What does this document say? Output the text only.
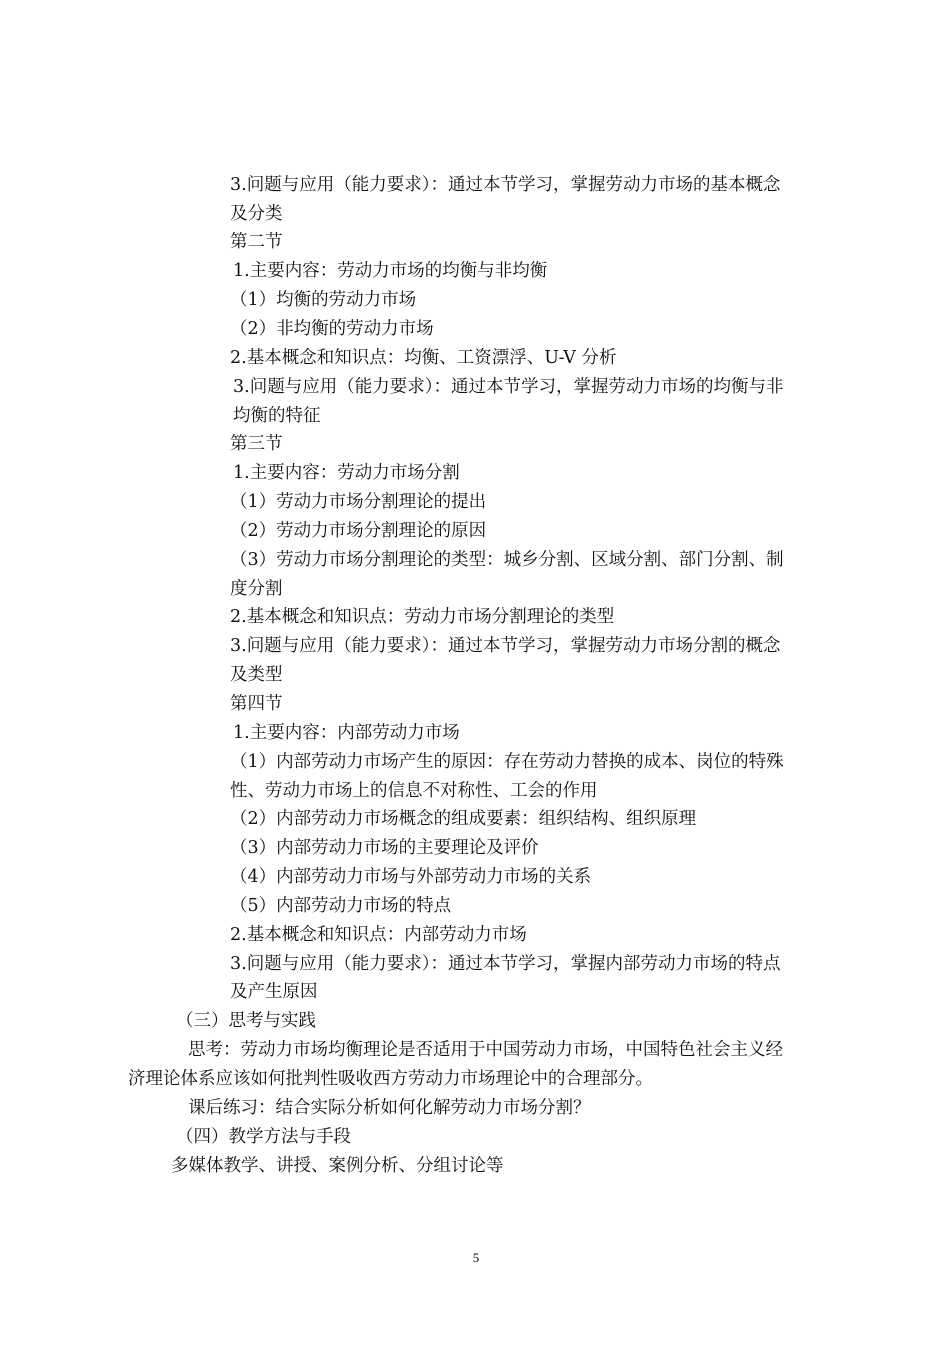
3.问题与应用（能力要求）：通过本节学习，掌握劳动力市场的基本概念

及分类

第二节

1.主要内容：劳动力市场的均衡与非均衡

（1）均衡的劳动力市场

（2）非均衡的劳动力市场

2.基本概念和知识点：均衡、工资漂浮、U-V 分析

3.问题与应用（能力要求）：通过本节学习，掌握劳动力市场的均衡与非

均衡的特征

第三节

1.主要内容：劳动力市场分割

（1）劳动力市场分割理论的提出

（2）劳动力市场分割理论的原因

（3）劳动力市场分割理论的类型：城乡分割、区域分割、部门分割、制

度分割

2.基本概念和知识点：劳动力市场分割理论的类型

3.问题与应用（能力要求）：通过本节学习，掌握劳动力市场分割的概念

及类型

第四节

1.主要内容：内部劳动力市场

（1）内部劳动力市场产生的原因：存在劳动力替换的成本、岗位的特殊

性、劳动力市场上的信息不对称性、工会的作用

（2）内部劳动力市场概念的组成要素：组织结构、组织原理

（3）内部劳动力市场的主要理论及评价

（4）内部劳动力市场与外部劳动力市场的关系

（5）内部劳动力市场的特点

2.基本概念和知识点：内部劳动力市场

3.问题与应用（能力要求）：通过本节学习，掌握内部劳动力市场的特点

及产生原因

（三）思考与实践

思考：劳动力市场均衡理论是否适用于中国劳动力市场，中国特色社会主义经

济理论体系应该如何批判性吸收西方劳动力市场理论中的合理部分。

课后练习：结合实际分析如何化解劳动力市场分割？

（四）教学方法与手段

多媒体教学、讲授、案例分析、分组讨论等

5
